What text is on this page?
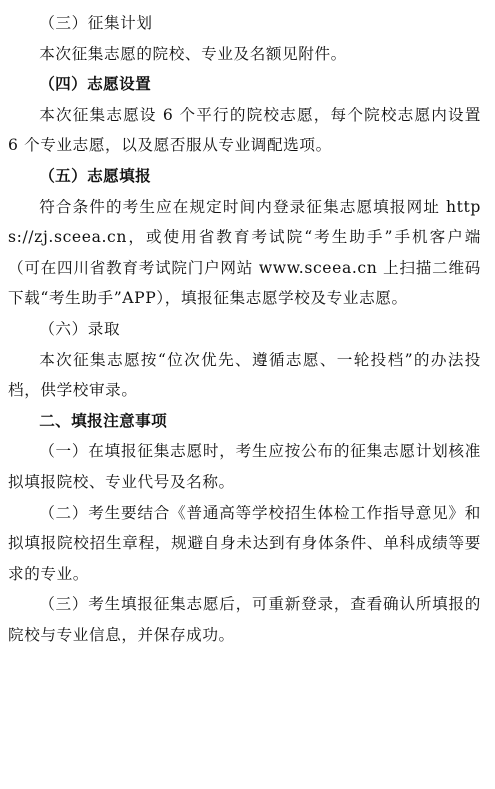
（三）征集计划

本次征集志愿的院校、专业及名额见附件。

（四）志愿设置

本次征集志愿设 6 个平行的院校志愿，每个院校志愿内设置 6 个专业志愿，以及愿否服从专业调配选项。

（五）志愿填报

符合条件的考生应在规定时间内登录征集志愿填报网址 https://zj.sceea.cn，或使用省教育考试院“考生助手”手机客户端（可在四川省教育考试院门户网站 www.sceea.cn 上扫描二维码下载“考生助手”APP），填报征集志愿学校及专业志愿。

（六）录取

本次征集志愿按“位次优先、遵循志愿、一轮投档”的办法投档，供学校审录。

二、填报注意事项

（一）在填报征集志愿时，考生应按公布的征集志愿计划核准拟填报院校、专业代号及名称。

（二）考生要结合《普通高等学校招生体检工作指导意见》和拟填报院校招生章程，规避自身未达到有身体条件、单科成绩等要求的专业。

（三）考生填报征集志愿后，可重新登录，查看确认所填报的院校与专业信息，并保存成功。
